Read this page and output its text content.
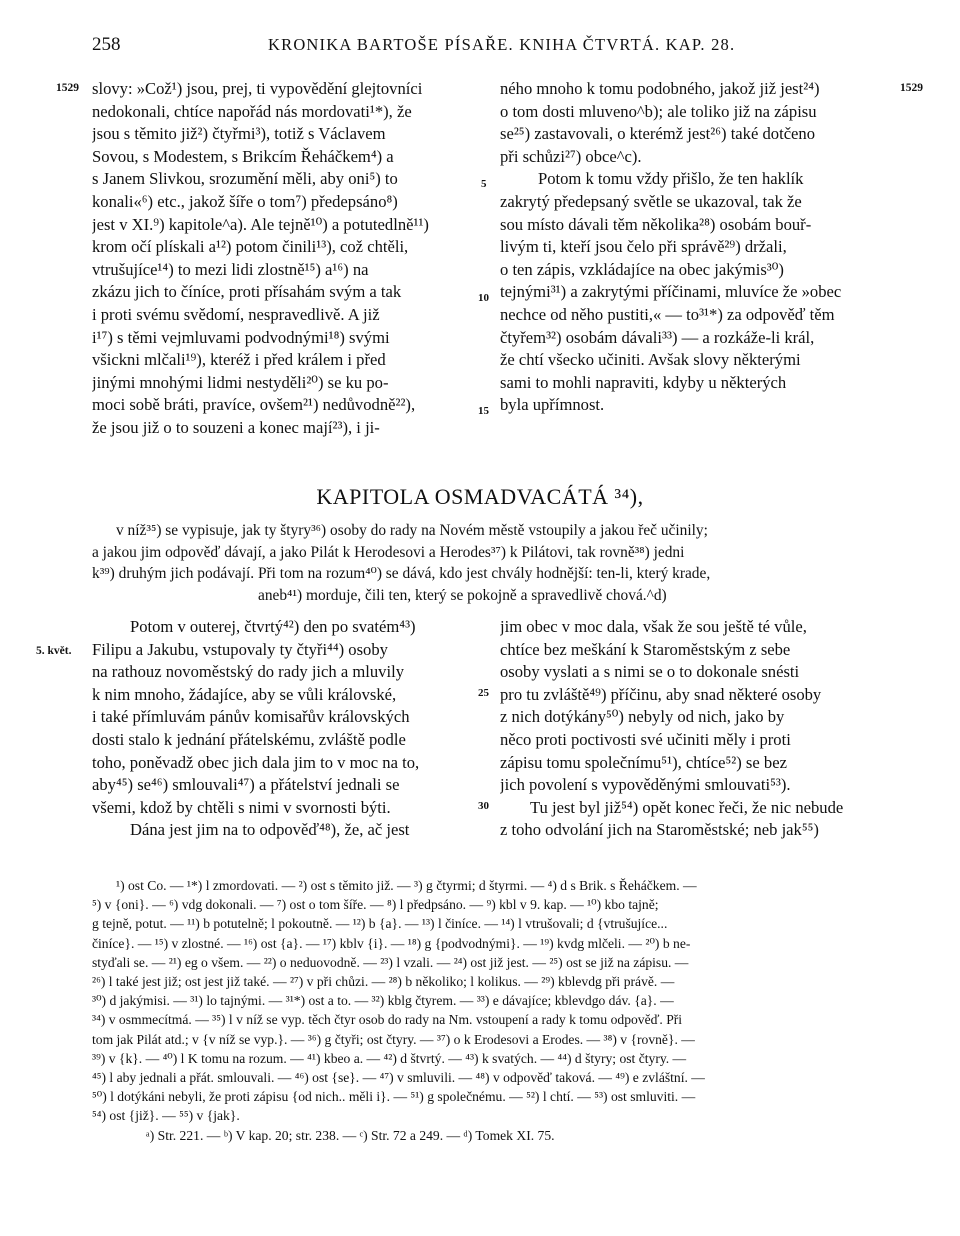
258	KRONIKA BARTOŠE PÍSAŘE. KNIHA ČTVRTÁ. KAP. 28.
1529	1529
5
10
15
5. květ.
25
30
slovy: »Což¹) jsou, prej, ti vypovědění glejtovníci
nedokonali, chtíce napořád nás mordovati¹*), že
jsou s těmito již²) čtyřmi³), totiž s Václavem
Sovou, s Modestem, s Brikcím Řeháčkem⁴) a
s Janem Slivkou, srozumění měli, aby oni⁵) to
konali«⁶) etc., jakož šíře o tom⁷) předepsáno⁸)
jest v XI.⁹) kapitole^a). Ale tejně¹⁰) a potutedlně¹¹)
krom očí plískali a¹²) potom činili¹³), což chtěli,
vtrušujíce¹⁴) to mezi lidi zlostně¹⁵) a¹⁶) na
zkázu jich to číníce, proti přísahám svým a tak
i proti svému svědomí, nespravedlivě. A již
i¹⁷) s těmi vejmluvami podvodnými¹⁸) svými
všickni mlčali¹⁹), kteréž i před králem i před
jinými mnohými lidmi nestyděli²⁰) se ku po-
moci sobě bráti, pravíce, ovšem²¹) nedůvodně²²),
že jsou již o to souzeni a konec mají²³), i ji-
ného mnoho k tomu podobného, jakož již jest²⁴)
o tom dosti mluveno^b); ale toliko již na zápisu
se²⁵) zastavovali, o kterémž jest²⁶) také dotčeno
při schůzi²⁷) obce^c).
Potom k tomu vždy přišlo, že ten haklík
zakrytý předepsaný světle se ukazoval, tak že
sou místo dávali těm několika²⁸) osobám bouř-
livým ti, kteří jsou čelo při správě²⁹) držali,
o ten zápis, vzkládajíce na obec jakýmis³⁰)
tejnými³¹) a zakrytými příčinami, mluvíce že »obec
nechce od něho pustiti,« — to³¹*) za odpověď těm
čtyřem³²) osobám dávali³³) — a rozkáže-li král,
že chtí všecko učiniti. Avšak slovy některými
sami to mohli napraviti, kdyby u některých
byla upřímnost.
KAPITOLA OSMADVACÁTÁ ³⁴),
v níž³⁵) se vypisuje, jak ty štyry³⁶) osoby do rady na Novém městě vstoupily a jakou řeč učinily;
a jakou jim odpověď dávají, a jako Pilát k Herodesovi a Herodes³⁷) k Pilátovi, tak rovně³⁸) jedni
k³⁹) druhým jich podávají. Při tom na rozum⁴⁰) se dává, kdo jest chvály hodnější: ten-li, který krade,
aneb⁴¹) morduje, čili ten, který se pokojně a spravedlivě chová.^d)
Potom v outerej, čtvrtý⁴²) den po svatém⁴³)
Filipu a Jakubu, vstupovaly ty čtyři⁴⁴) osoby
na rathouz novoměstský do rady jich a mluvily
k nim mnoho, žádajíce, aby se vůli královské,
i také přímluvám pánův komisařův královských
dosti stalo k jednání přátelskému, zvláště podle
toho, poněvadž obec jich dala jim to v moc na to,
aby⁴⁵) se⁴⁶) smlouvali⁴⁷) a přátelství jednali se
všemi, kdož by chtěli s nimi v svornosti býti.
Dána jest jim na to odpověď⁴⁸), že, ač jest
jim obec v moc dala, však že sou ještě té vůle,
chtíce bez meškání k Staroměstským z sebe
osoby vyslati a s nimi se o to dokonale snésti
pro tu zvláště⁴⁹) příčinu, aby snad některé osoby
z nich dotýkány⁵⁰) nebyly od nich, jako by
něco proti poctivosti své učiniti měly i proti
zápisu tomu společnímu⁵¹), chtíce⁵²) se bez
jich povolení s vypověděnými smlouvati⁵³).
Tu jest byl již⁵⁴) opět konec řeči, že nic nebude
z toho odvolání jich na Staroměstské; neb jak⁵⁵)
¹) ost Co. — ¹*) l zmordovati. — ²) ost s těmito již. — ³) g čtyrmi; d štyrmi. — ⁴) d s Brik. s Řeháčkem. —
⁵) v {oni}. — ⁶) vdg dokonali. — ⁷) ost o tom šíře. — ⁸) l předpsáno. — ⁹) kbl v 9. kap. — ¹⁰) kbo tajně;
g tejně, potut. — ¹¹) b potutelně; l pokoutně. — ¹²) b {a}. — ¹³) l činíce. — ¹⁴) l vtrušovali; d {vtrušujíce...
činíce}. — ¹⁵) v zlostné. — ¹⁶) ost {a}. — ¹⁷) kblv {i}. — ¹⁸) g {podvodnými}. — ¹⁹) kvdg mlčeli. — ²⁰) b ne-
styďali se. — ²¹) eg o všem. — ²²) o neduovodně. — ²³) l vzali. — ²⁴) ost již jest. — ²⁵) ost se již na zápisu. —
²⁶) l také jest již; ost jest již také. — ²⁷) v při chůzi. — ²⁸) b několiko; l kolikus. — ²⁹) kblevdg při právě. —
³⁰) d jakýmisi. — ³¹) lo tajnými. — ³¹*) ost a to. — ³²) kblg čtyrem. — ³³) e dávajíce; kblevdgo dáv. {a}. —
³⁴) v osmmecítmá. — ³⁵) l v níž se vyp. těch čtyr osob do rady na Nm. vstoupení a rady k tomu odpověď. Při
tom jak Pilát atd.; v {v níž se vyp.}. — ³⁶) g čtyři; ost čtyry. — ³⁷) o k Erodesovi a Erodes. — ³⁸) v {rovně}. —
³⁹) v {k}. — ⁴⁰) l K tomu na rozum. — ⁴¹) kbeo a. — ⁴²) d štvrtý. — ⁴³) k svatých. — ⁴⁴) d štyry; ost čtyry. —
⁴⁵) l aby jednali a přát. smlouvali. — ⁴⁶) ost {se}. — ⁴⁷) v smluvili. — ⁴⁸) v odpověď taková. — ⁴⁹) e zvláštní. —
⁵⁰) l dotýkáni nebyli, že proti zápisu {od nich.. měli i}. — ⁵¹) g společnému. — ⁵²) l chtí. — ⁵³) ost smluviti. —
⁵⁴) ost {již}. — ⁵⁵) v {jak}.
ᵃ) Str. 221. — ᵇ) V kap. 20; str. 238. — ᶜ) Str. 72 a 249. — ᵈ) Tomek XI. 75.
